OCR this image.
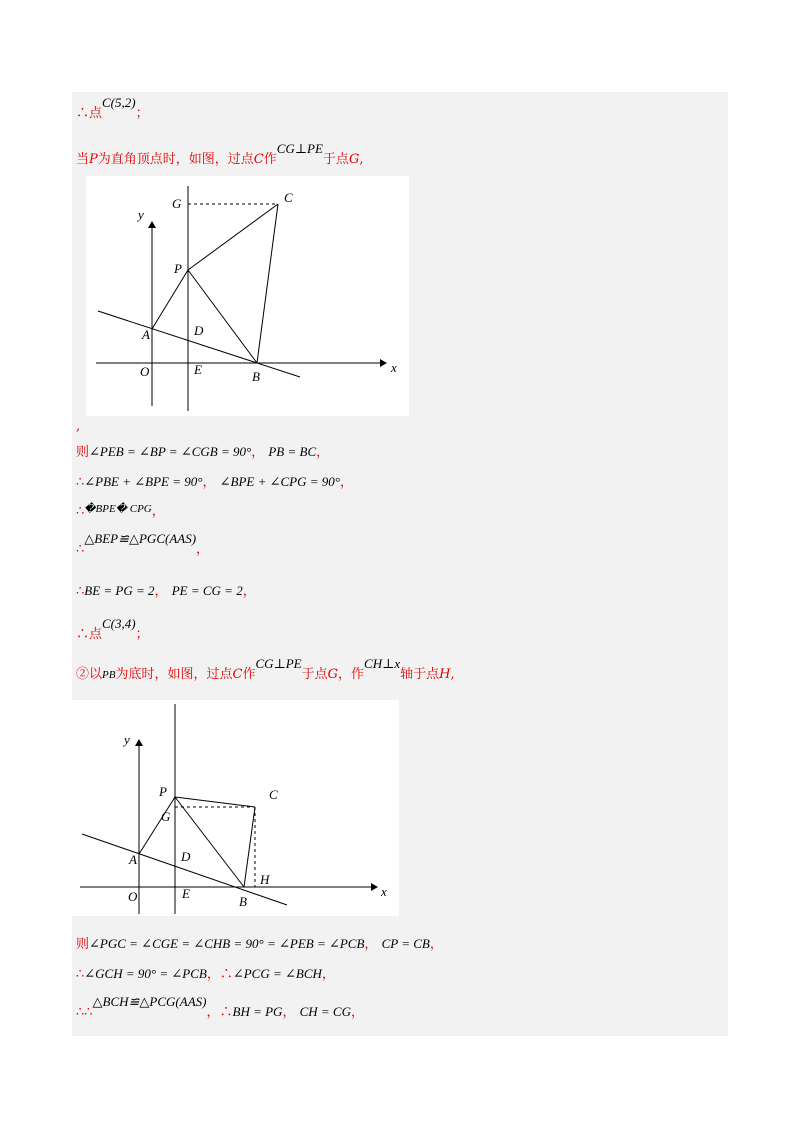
∴点C(5,2)；
当P为直角顶点时，如图，过点C作CG⊥PE于点G,
y
x
G	C
P
A	D
O	E	B
,
则∠PEB = ∠BP = ∠CGB = 90°， PB = BC，
∴∠PBE + ∠BPE = 90°， ∠BPE + ∠CPG = 90°，
∴$^{�BPE� CPG}$，
∴△BEP≌△PGC(AAS)，
∴BE = PG = 2， PE = CG = 2，
∴点C(3,4)；
②以PB为底时，如图，过点C作CG⊥PE于点G，作CH⊥x轴于点H,
y
x
P	C
G
A	D
H
O	E
B
则∠PGC = ∠CGE = ∠CHB = 90° = ∠PEB = ∠PCB， CP = CB，
∴∠GCH = 90° = ∠PCB，∴∠PCG = ∠BCH，
∴∴△BCH≌△PCG(AAS)，∴BH = PG， CH = CG，
